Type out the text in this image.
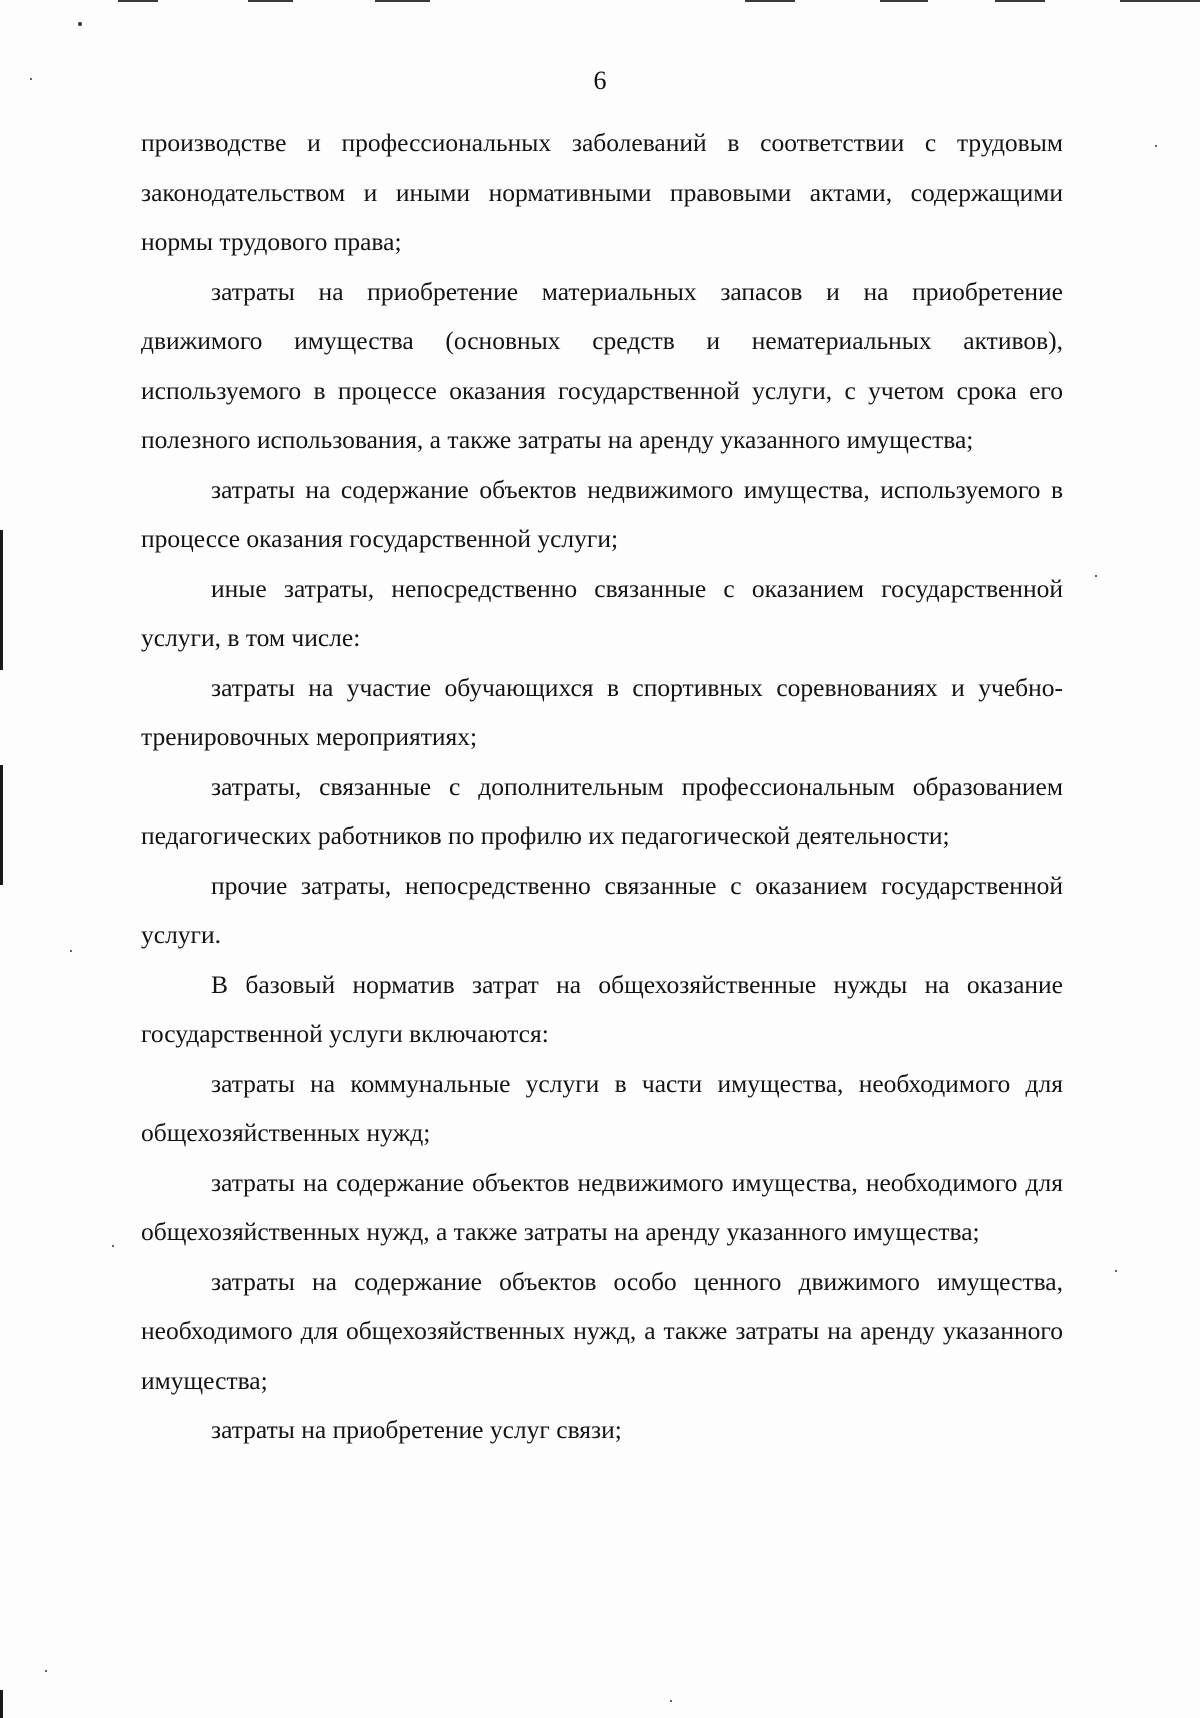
6

производстве и профессиональных заболеваний в соответствии с трудовым законодательством и иными нормативными правовыми актами, содержащими нормы трудового права;

затраты на приобретение материальных запасов и на приобретение движимого имущества (основных средств и нематериальных активов), используемого в процессе оказания государственной услуги, с учетом срока его полезного использования, а также затраты на аренду указанного имущества;

затраты на содержание объектов недвижимого имущества, используемого в процессе оказания государственной услуги;

иные затраты, непосредственно связанные с оказанием государственной услуги, в том числе:

затраты на участие обучающихся в спортивных соревнованиях и учебно-тренировочных мероприятиях;

затраты, связанные с дополнительным профессиональным образованием педагогических работников по профилю их педагогической деятельности;

прочие затраты, непосредственно связанные с оказанием государственной услуги.

В базовый норматив затрат на общехозяйственные нужды на оказание государственной услуги включаются:

затраты на коммунальные услуги в части имущества, необходимого для общехозяйственных нужд;

затраты на содержание объектов недвижимого имущества, необходимого для общехозяйственных нужд, а также затраты на аренду указанного имущества;

затраты на содержание объектов особо ценного движимого имущества, необходимого для общехозяйственных нужд, а также затраты на аренду указанного имущества;

затраты на приобретение услуг связи;
